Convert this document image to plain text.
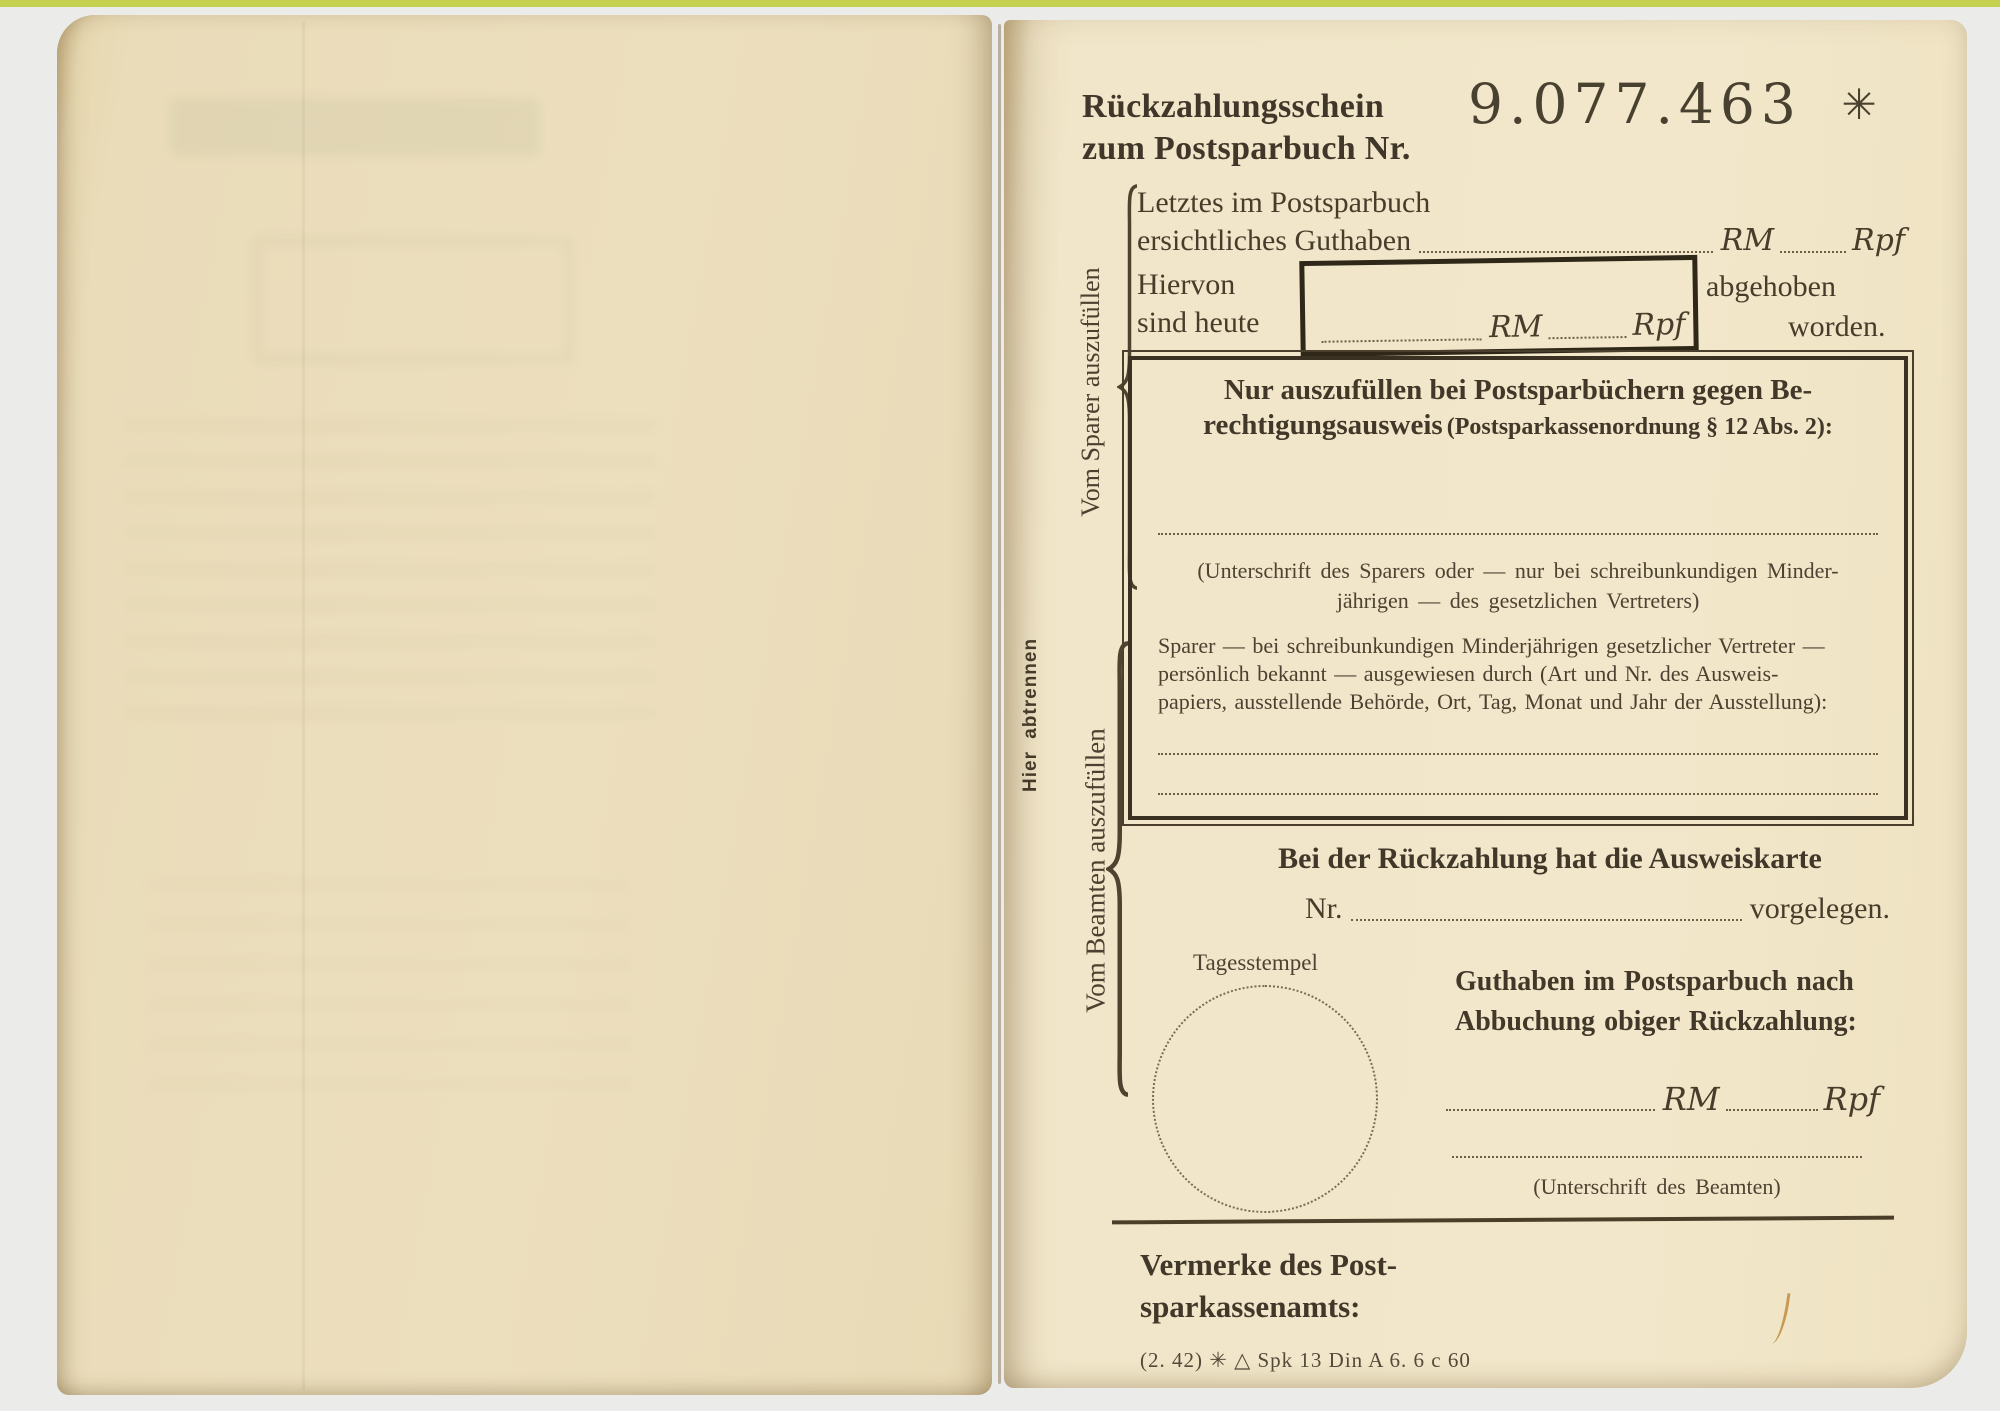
Rückzahlungsschein
zum Postsparbuch Nr.
9.077.463 ✳
Vom Sparer auszufüllen
Letztes im Postsparbuch
ersichtliches Guthaben	RM	Rpf
Hiervon
sind heute	RM	Rpf
abgehoben
worden.
Nur auszufüllen bei Postsparbüchern gegen Be-
rechtigungsausweis (Postsparkassenordnung § 12 Abs. 2):
(Unterschrift des Sparers oder — nur bei schreibunkundigen Minder-
jährigen — des gesetzlichen Vertreters)
Sparer — bei schreibunkundigen Minderjährigen gesetzlicher Vertreter —
persönlich bekannt — ausgewiesen durch (Art und Nr. des Ausweis-
papiers, ausstellende Behörde, Ort, Tag, Monat und Jahr der Ausstellung):
Hier abtrennen
Vom Beamten auszufüllen	Bei der Rückzahlung hat die Ausweiskarte
Nr.	vorgelegen.
Tagesstempel
Guthaben im Postsparbuch nach
Abbuchung obiger Rückzahlung:
RM	Rpf
(Unterschrift des Beamten)
Vermerke des Post-
sparkassenamts:
(2. 42) ✳ △ Spk 13 Din A 6. 6 c 60
